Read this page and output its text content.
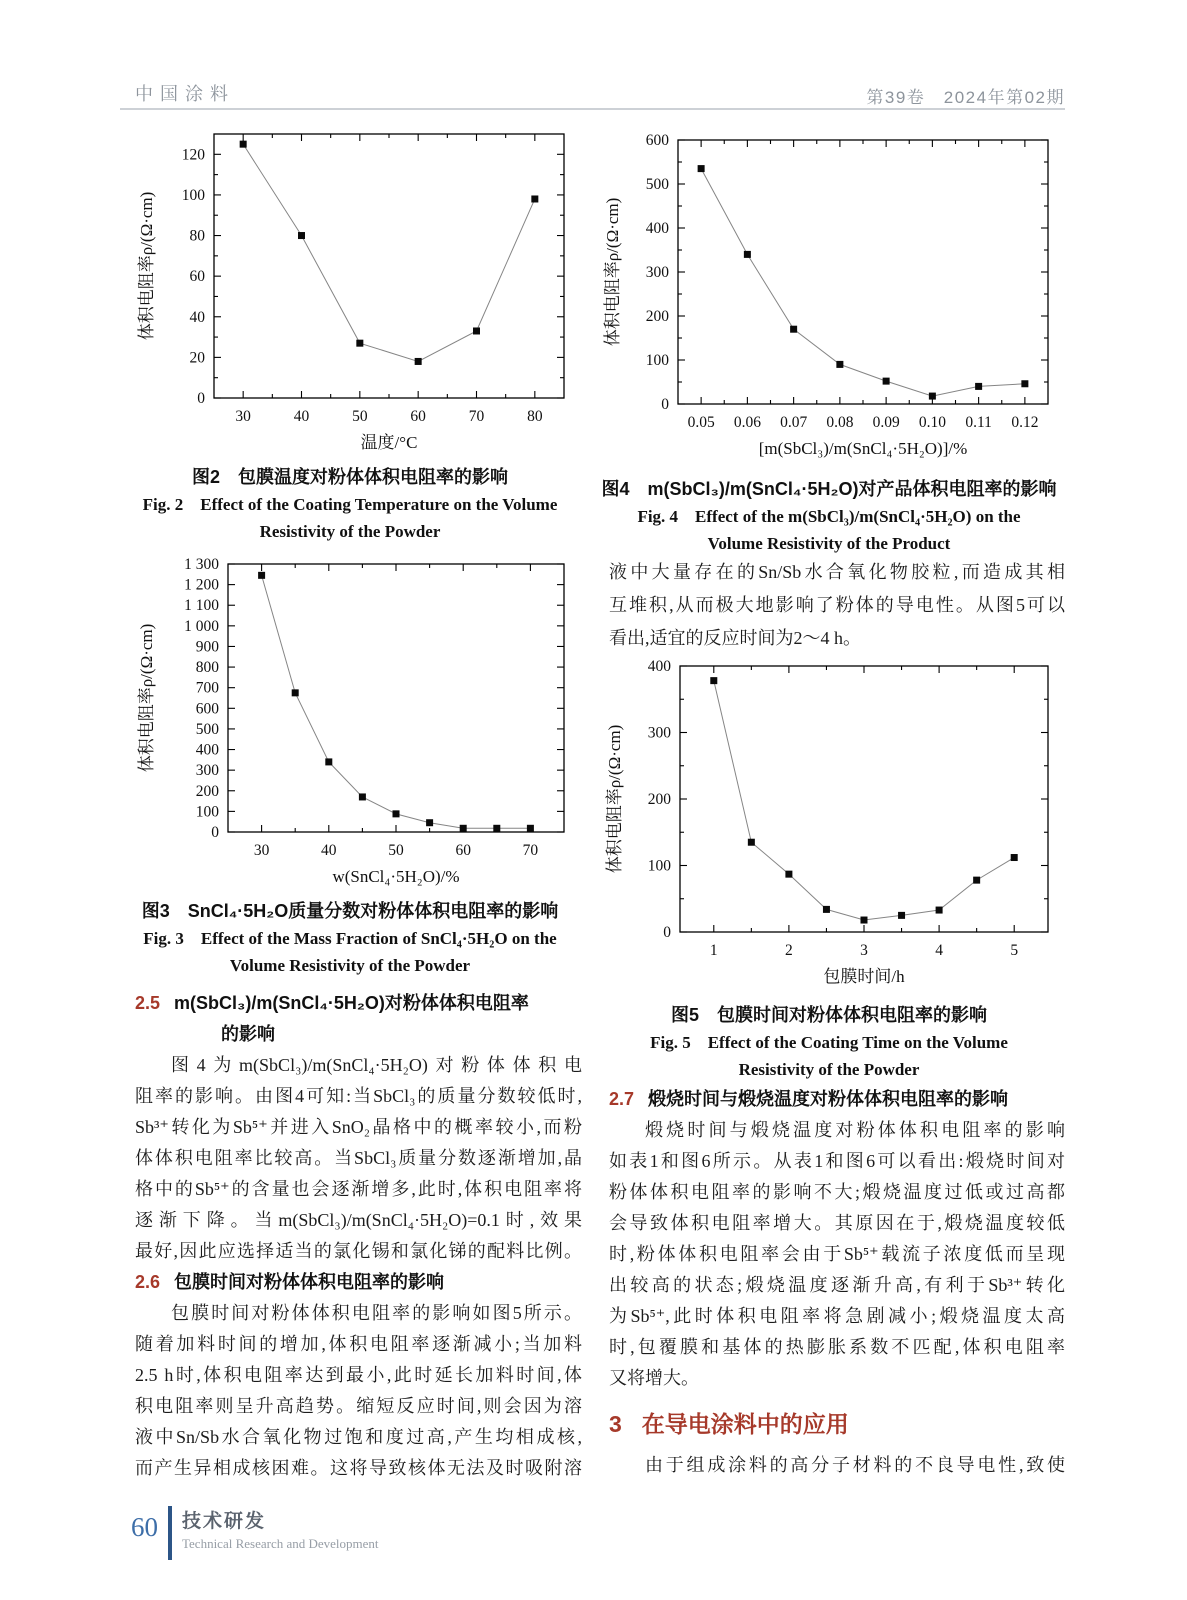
中国涂料	第39卷　2024年第02期
30	40	50	60	70	80
0
20
40
60
80
100
120
温度/°C
体积电阻率ρ/(Ω·cm)
图2　包膜温度对粉体体积电阻率的影响
Fig. 2　Effect of the Coating Temperature on the Volume
Resistivity of the Powder
0.05 0.06 0.07 0.08 0.09 0.10 0.11 0.12
0
100
200
300
400
500
600
[m(SbCl₃)/m(SnCl₄·5H₂O)]/%
体积电阻率ρ/(Ω·cm)
图4　m(SbCl₃)/m(SnCl₄·5H₂O)对产品体积电阻率的影响
Fig. 4　Effect of the m(SbCl₃)/m(SnCl₄·5H₂O) on the
Volume Resistivity of the Product
液中大量存在的Sn/Sb水合氧化物胶粒,而造成其相
互堆积,从而极大地影响了粉体的导电性。从图5可以
看出,适宜的反应时间为2～4 h。
30	40	50	60	70
0
100
200
300
400
500
600
700
800
900
1 000
1 100
1 200
1 300
w(SnCl₄·5H₂O)/%
体积电阻率ρ/(Ω·cm)
图3　SnCl₄·5H₂O质量分数对粉体体积电阻率的影响
Fig. 3　Effect of the Mass Fraction of SnCl₄·5H₂O on the
Volume Resistivity of the Powder
1	2	3	4	5
0
100
200
300
400
包膜时间/h
体积电阻率ρ/(Ω·cm)
图5　包膜时间对粉体体积电阻率的影响
Fig. 5　Effect of the Coating Time on the Volume
Resistivity of the Powder
2.5 m(SbCl₃)/m(SnCl₄·5H₂O)对粉体体积电阻率
的影响
图4为m(SbCl₃)/m(SnCl₄·5H₂O)对粉体体积电
阻率的影响。由图4可知:当SbCl₃的质量分数较低时,
Sb³⁺转化为Sb⁵⁺并进入SnO₂晶格中的概率较小,而粉
体体积电阻率比较高。当SbCl₃质量分数逐渐增加,晶
格中的Sb⁵⁺的含量也会逐渐增多,此时,体积电阻率将
逐渐下降。当m(SbCl₃)/m(SnCl₄·5H₂O)=0.1时,效果
最好,因此应选择适当的氯化锡和氯化锑的配料比例。
2.6 包膜时间对粉体体积电阻率的影响
包膜时间对粉体体积电阻率的影响如图5所示。
随着加料时间的增加,体积电阻率逐渐减小;当加料
2.5 h时,体积电阻率达到最小,此时延长加料时间,体
积电阻率则呈升高趋势。缩短反应时间,则会因为溶
液中Sn/Sb水合氧化物过饱和度过高,产生均相成核,
而产生异相成核困难。这将导致核体无法及时吸附溶
2.7 煅烧时间与煅烧温度对粉体体积电阻率的影响
煅烧时间与煅烧温度对粉体体积电阻率的影响
如表1和图6所示。从表1和图6可以看出:煅烧时间对
粉体体积电阻率的影响不大;煅烧温度过低或过高都
会导致体积电阻率增大。其原因在于,煅烧温度较低
时,粉体体积电阻率会由于Sb⁵⁺载流子浓度低而呈现
出较高的状态;煅烧温度逐渐升高,有利于Sb³⁺转化
为Sb⁵⁺,此时体积电阻率将急剧减小;煅烧温度太高
时,包覆膜和基体的热膨胀系数不匹配,体积电阻率
又将增大。
3 在导电涂料中的应用
由于组成涂料的高分子材料的不良导电性,致使
60 技术研发
Technical Research and Development
